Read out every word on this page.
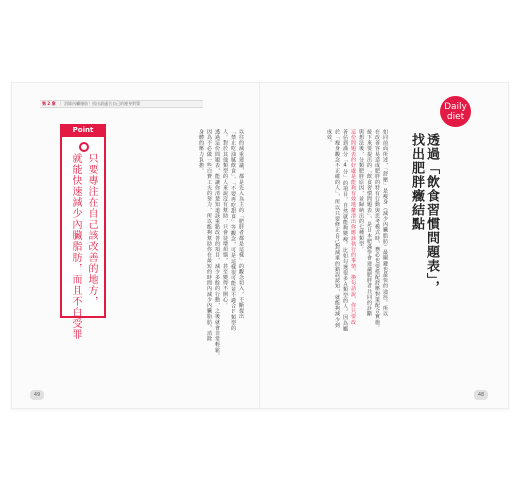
第 2 章 ｜ 消除內臟脂肪！找出最適合自己的瘦身對策	Daily
diet
透過「飲食習慣問題表」，
找出肥胖癥結點
如同前面所述，「舒壓」是瘦身（減少內臟脂肪）最關鍵也最快的途徑。所以
在改善容易造成肥胖的特有行動與思考模式時，務必也要搭配舒壓對策配合實施。
接下來要提出的「飲食習慣問題表」，是日本肥滿學會建議肥胖者共同的診斷
與想法後，分類肥胖原因，並歸納出的七種類型。
這份問題表的好處是能夠有效地釐清出你應該執行的事情，換句話說，你只要改
善佔到滿分「4分」的項目，自然就能夠變瘦。比如勾選很多Ａ類型的人，因為屬
於「瘦身觀念不正確的人」，所以只要修正自己對減重的錯誤認知，就能夠減少到
成效。
以往的減重建議，都是先入為主的「肥胖者都是這樣」的觀念切入，不斷提出
「禁止吃油膩飲食」、「不要再吃甜食」等觀念，可是這樣很可能並不適合Ｆ類型的
人。對於其他類型的人來說沒有幫助，只會徒增煩惱，甚至變得不開心。
透過這份問題表，能讓你清楚知道該重點改善的項目，減少多餘的行動，之後就會非常輕鬆。
因為不必做一些白費工夫的努力，所以能夠幫助你在最短的時間內減少內臟脂肪，消除
身體的壓力負擔。
Point
只要專注在自己該改善的地方，
就能快速減少內臟脂肪，而且不白受罪
49	48
